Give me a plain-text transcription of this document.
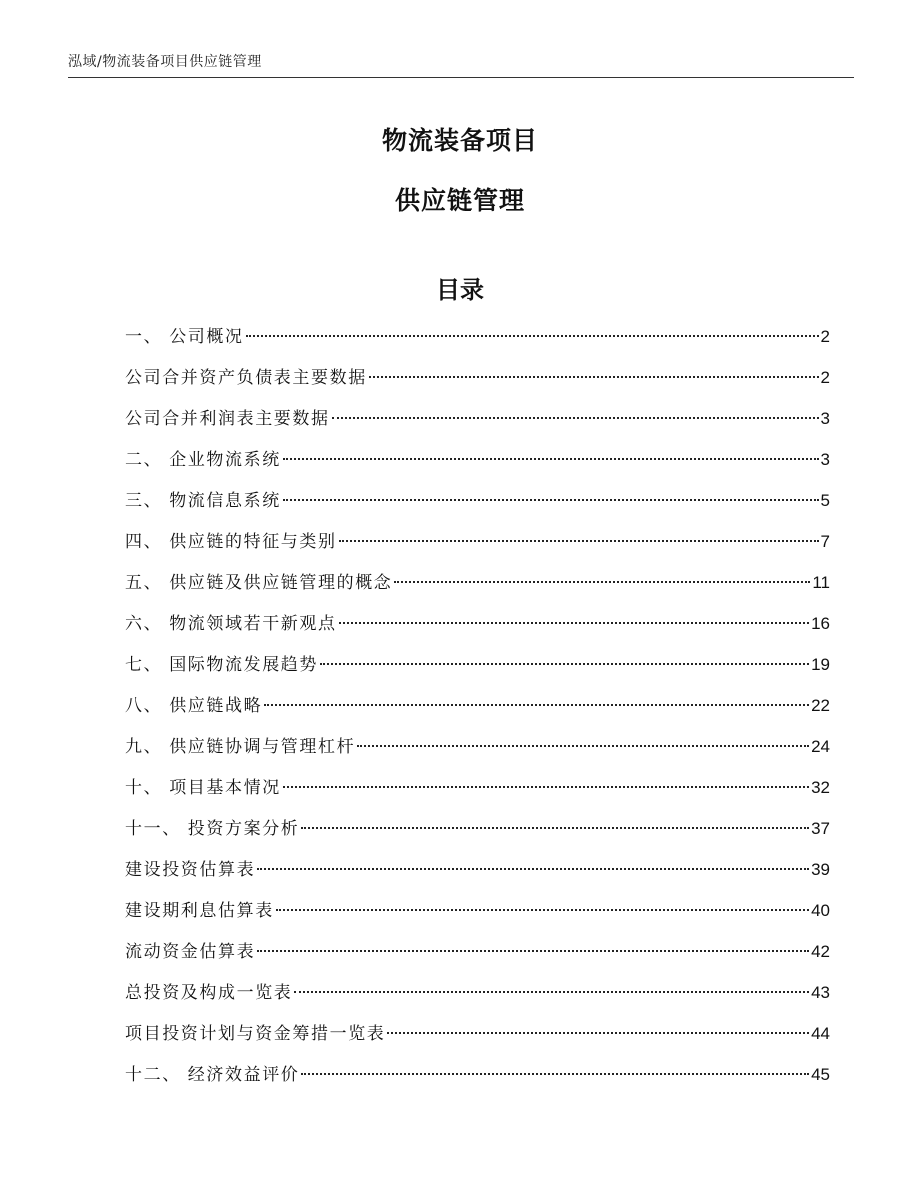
泓域/物流装备项目供应链管理
物流装备项目
供应链管理
目录
一、 公司概况	2
公司合并资产负债表主要数据	2
公司合并利润表主要数据	3
二、 企业物流系统	3
三、 物流信息系统	5
四、 供应链的特征与类别	7
五、 供应链及供应链管理的概念	11
六、 物流领域若干新观点	16
七、 国际物流发展趋势	19
八、 供应链战略	22
九、 供应链协调与管理杠杆	24
十、 项目基本情况	32
十一、 投资方案分析	37
建设投资估算表	39
建设期利息估算表	40
流动资金估算表	42
总投资及构成一览表	43
项目投资计划与资金筹措一览表	44
十二、 经济效益评价	45
